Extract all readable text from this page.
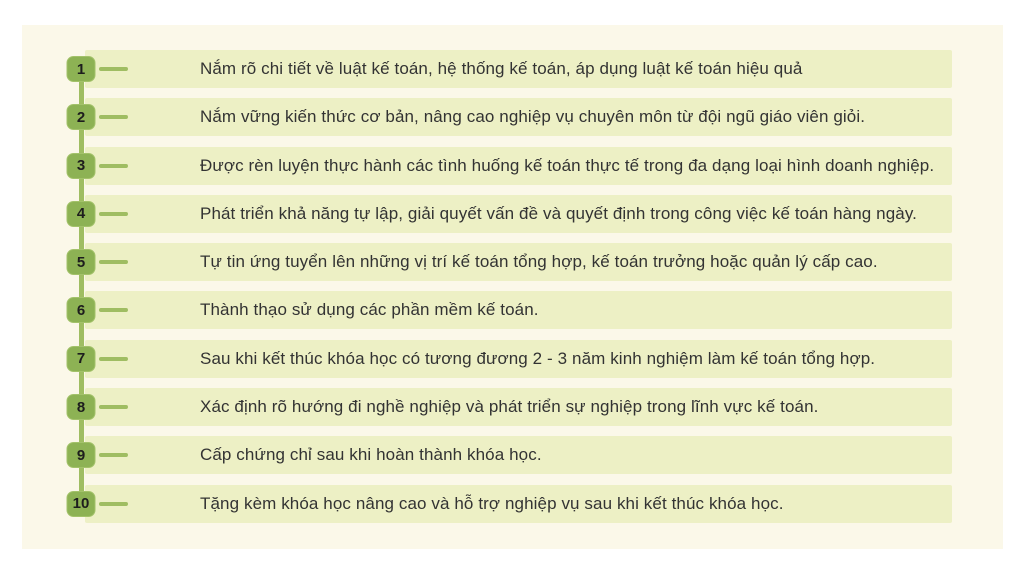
Nắm rõ chi tiết về luật kế toán, hệ thống kế toán, áp dụng luật kế toán hiệu quả
1
Nắm vững kiến thức cơ bản, nâng cao nghiệp vụ chuyên môn từ đội ngũ giáo viên giỏi.
2
Được rèn luyện thực hành các tình huống kế toán thực tế trong đa dạng loại hình doanh nghiệp.
3
Phát triển khả năng tự lập, giải quyết vấn đề và quyết định trong công việc kế toán hàng ngày.
4
Tự tin ứng tuyển lên những vị trí kế toán tổng hợp, kế toán trưởng hoặc quản lý cấp cao.
5
Thành thạo sử dụng các phần mềm kế toán.
6
Sau khi kết thúc khóa học có tương đương 2 - 3 năm kinh nghiệm làm kế toán tổng hợp.
7
Xác định rõ hướng đi nghề nghiệp và phát triển sự nghiệp trong lĩnh vực kế toán.
8
Cấp chứng chỉ sau khi hoàn thành khóa học.
9
Tặng kèm khóa học nâng cao và hỗ trợ nghiệp vụ sau khi kết thúc khóa học.
10
